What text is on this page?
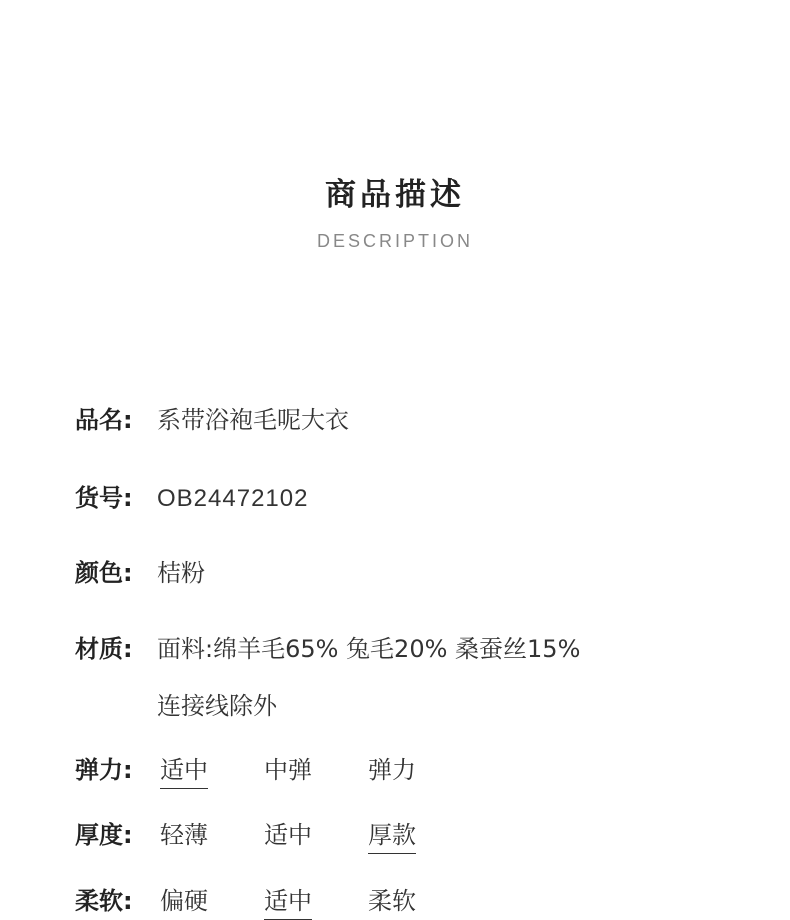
商品描述
DESCRIPTION
品名: 系带浴袍毛呢大衣
货号: OB24472102
颜色: 桔粉
材质: 面料:绵羊毛65% 兔毛20% 桑蚕丝15%
连接线除外
弹力: 适中 中弹 弹力
厚度: 轻薄 适中 厚款
柔软: 偏硬 适中 柔软
